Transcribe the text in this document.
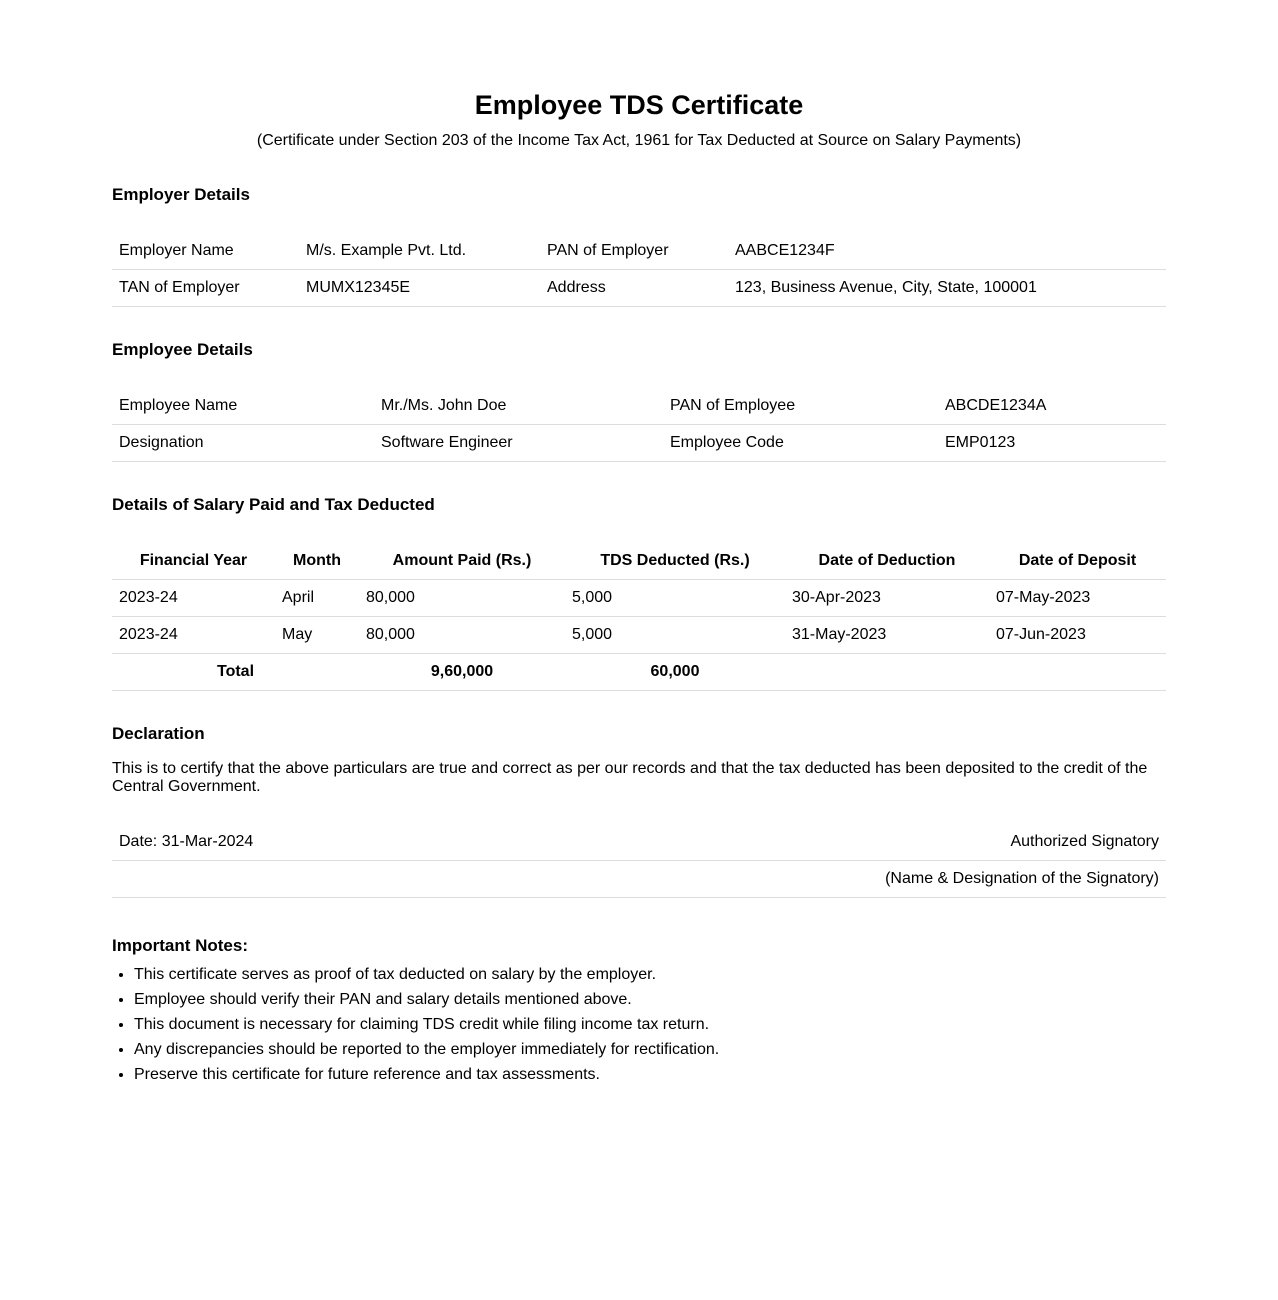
Employee TDS Certificate
(Certificate under Section 203 of the Income Tax Act, 1961 for Tax Deducted at Source on Salary Payments)
Employer Details
Employer Name	M/s. Example Pvt. Ltd.	PAN of Employer	AABCE1234F
TAN of Employer	MUMX12345E	Address	123, Business Avenue, City, State, 100001
Employee Details
Employee Name	Mr./Ms. John Doe	PAN of Employee	ABCDE1234A
Designation	Software Engineer	Employee Code	EMP0123
Details of Salary Paid and Tax Deducted
Financial Year	Month	Amount Paid (Rs.)	TDS Deducted (Rs.)	Date of Deduction	Date of Deposit
2023-24	April	80,000	5,000	30-Apr-2023	07-May-2023
2023-24	May	80,000	5,000	31-May-2023	07-Jun-2023
Total		9,60,000	60,000		
Declaration
This is to certify that the above particulars are true and correct as per our records and that the tax deducted has been deposited to the credit of the Central Government.
Date: 31-Mar-2024	Authorized Signatory
	(Name & Designation of the Signatory)
Important Notes:
• This certificate serves as proof of tax deducted on salary by the employer.
• Employee should verify their PAN and salary details mentioned above.
• This document is necessary for claiming TDS credit while filing income tax return.
• Any discrepancies should be reported to the employer immediately for rectification.
• Preserve this certificate for future reference and tax assessments.
